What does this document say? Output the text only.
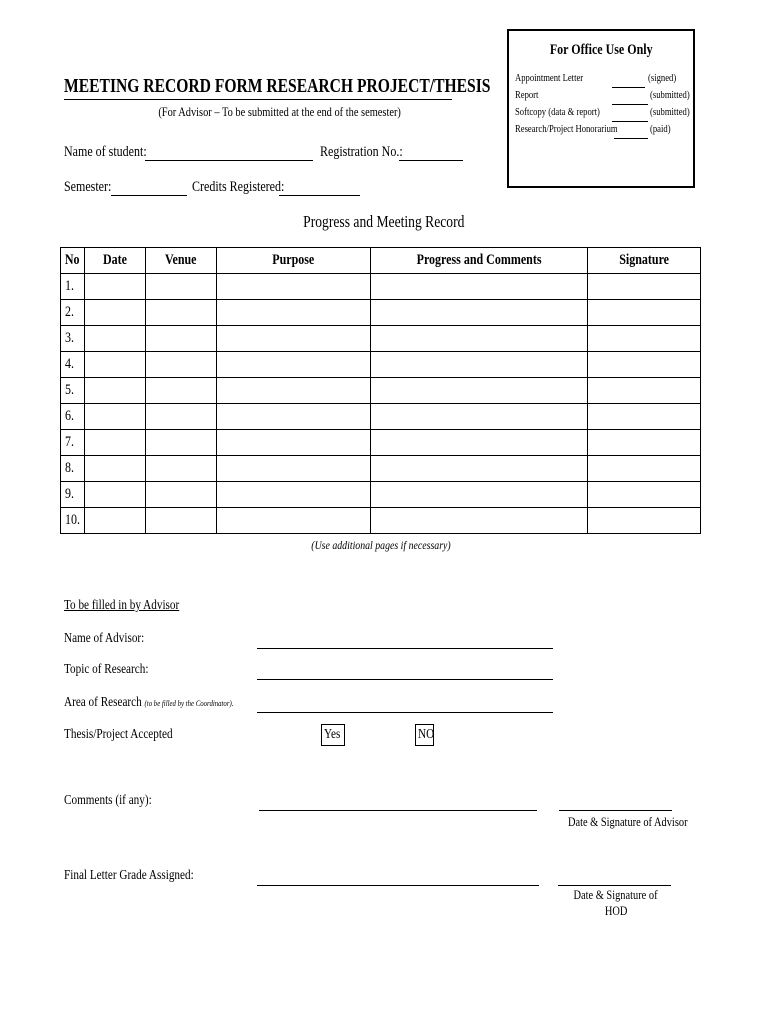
For Office Use Only
Appointment Letter	(signed)
Report	(submitted)
Softcopy (data & report)	(submitted)
Research/Project Honorarium	(paid)
MEETING RECORD FORM RESEARCH PROJECT/THESIS
(For Advisor – To be submitted at the end of the semester)
Name of student:	Registration No.:
Semester:	Credits Registered:
Progress and Meeting Record
No	Date	Venue	Purpose	Progress and Comments	Signature
1.					
2.					
3.					
4.					
5.					
6.					
7.					
8.					
9.					
10.					
(Use additional pages if necessary)
To be filled in by Advisor
Name of Advisor:
Topic of Research:
Area of Research (to be filled by the Coordinator).
Thesis/Project Accepted	Yes	NO
Comments (if any):
Date & Signature of Advisor
Final Letter Grade Assigned:
Date & Signature of
HOD
